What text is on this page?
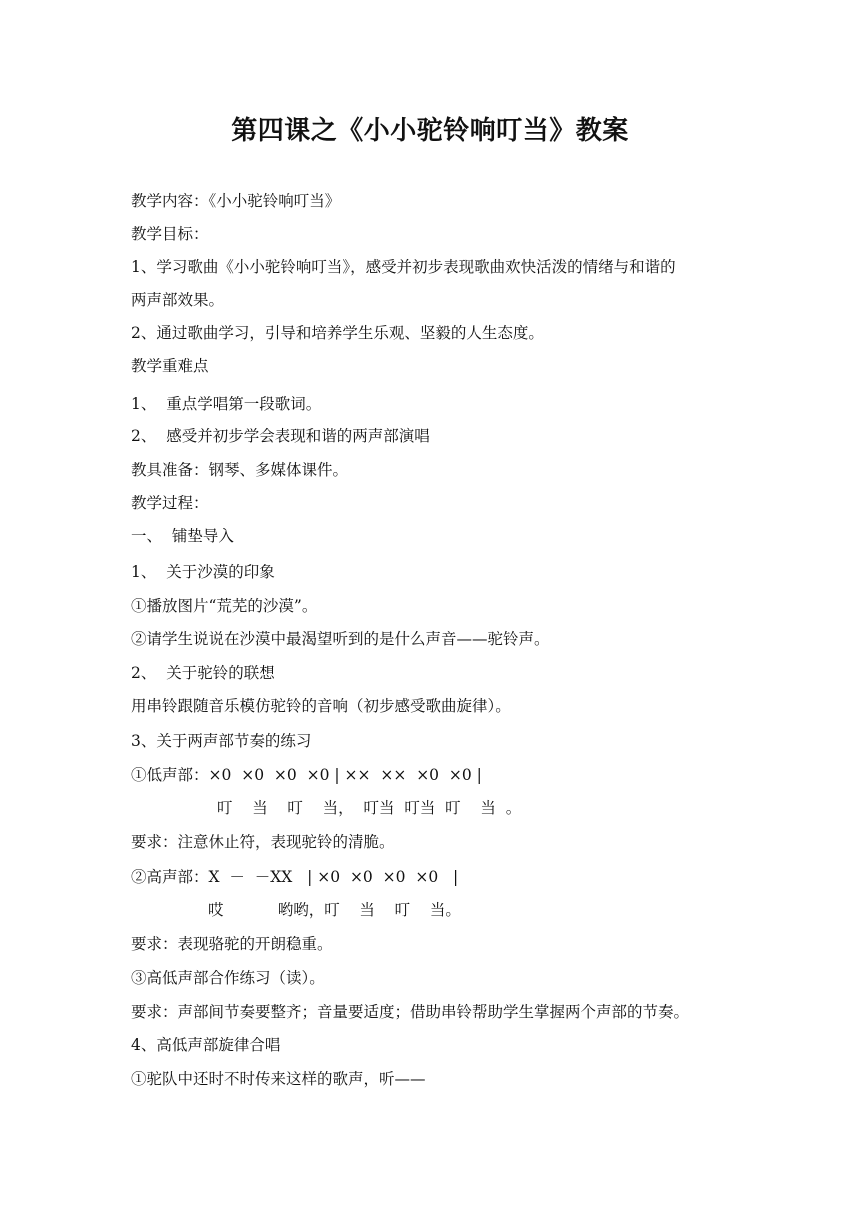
第四课之《小小驼铃响叮当》教案
教学内容：《小小驼铃响叮当》
教学目标：
1、学习歌曲《小小驼铃响叮当》，感受并初步表现歌曲欢快活泼的情绪与和谐的
两声部效果。
2、通过歌曲学习，引导和培养学生乐观、坚毅的人生态度。
教学重难点
1、  重点学唱第一段歌词。
2、  感受并初步学会表现和谐的两声部演唱
教具准备：钢琴、多媒体课件。
教学过程：
一、  铺垫导入
1、  关于沙漠的印象
①播放图片“荒芜的沙漠”。
②请学生说说在沙漠中最渴望听到的是什么声音——驼铃声。
2、  关于驼铃的联想
用串铃跟随音乐模仿驼铃的音响（初步感受歌曲旋律）。
3、关于两声部节奏的练习
①低声部：×0  ×0  ×0  ×0 | ××  ××  ×0  ×0 |
叮    当    叮    当，  叮当  叮当  叮    当  。
要求：注意休止符，表现驼铃的清脆。
②高声部：X  －  －XX   | ×0  ×0  ×0  ×0   |
哎           哟哟，叮    当    叮    当。
要求：表现骆驼的开朗稳重。
③高低声部合作练习（读）。
要求：声部间节奏要整齐；音量要适度；借助串铃帮助学生掌握两个声部的节奏。
4、高低声部旋律合唱
①驼队中还时不时传来这样的歌声，听——
